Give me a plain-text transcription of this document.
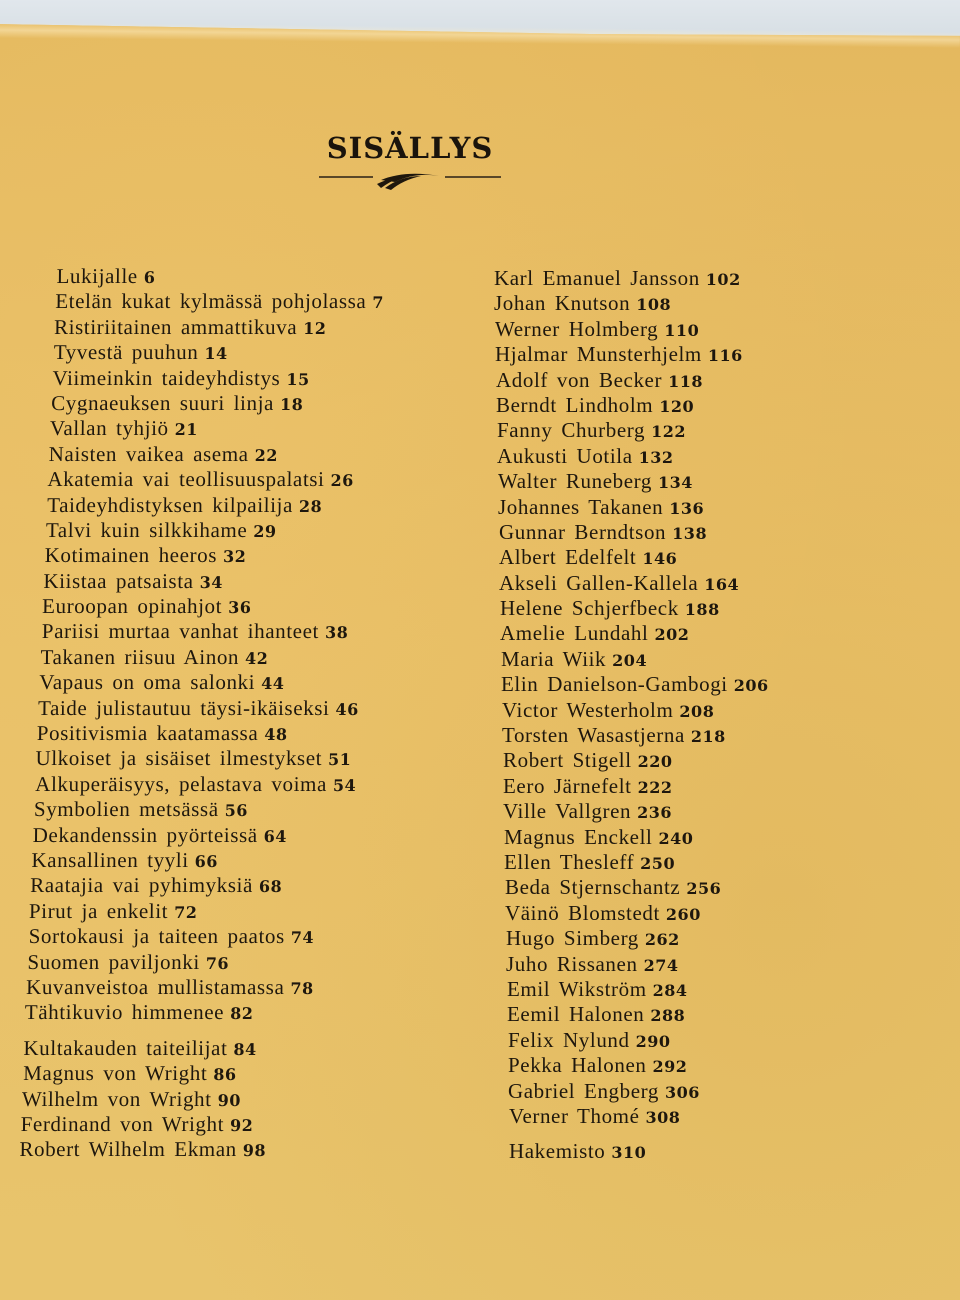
SISÄLLYS
Lukijalle 6
Etelän kukat kylmässä pohjolassa 7
Ristiriitainen ammattikuva 12
Tyvestä puuhun 14
Viimeinkin taideyhdistys 15
Cygnaeuksen suuri linja 18
Vallan tyhjiö 21
Naisten vaikea asema 22
Akatemia vai teollisuuspalatsi 26
Taideyhdistyksen kilpailija 28
Talvi kuin silkkihame 29
Kotimainen heeros 32
Kiistaa patsaista 34
Euroopan opinahjot 36
Pariisi murtaa vanhat ihanteet 38
Takanen riisuu Ainon 42
Vapaus on oma salonki 44
Taide julistautuu täysi-ikäiseksi 46
Positivismia kaatamassa 48
Ulkoiset ja sisäiset ilmestykset 51
Alkuperäisyys, pelastava voima 54
Symbolien metsässä 56
Dekandenssin pyörteissä 64
Kansallinen tyyli 66
Raatajia vai pyhimyksiä 68
Pirut ja enkelit 72
Sortokausi ja taiteen paatos 74
Suomen paviljonki 76
Kuvanveistoa mullistamassa 78
Tähtikuvio himmenee 82
Kultakauden taiteilijat 84
Magnus von Wright 86
Wilhelm von Wright 90
Ferdinand von Wright 92
Robert Wilhelm Ekman 98
Karl Emanuel Jansson 102
Johan Knutson 108
Werner Holmberg 110
Hjalmar Munsterhjelm 116
Adolf von Becker 118
Berndt Lindholm 120
Fanny Churberg 122
Aukusti Uotila 132
Walter Runeberg 134
Johannes Takanen 136
Gunnar Berndtson 138
Albert Edelfelt 146
Akseli Gallen-Kallela 164
Helene Schjerfbeck 188
Amelie Lundahl 202
Maria Wiik 204
Elin Danielson-Gambogi 206
Victor Westerholm 208
Torsten Wasastjerna 218
Robert Stigell 220
Eero Järnefelt 222
Ville Vallgren 236
Magnus Enckell 240
Ellen Thesleff 250
Beda Stjernschantz 256
Väinö Blomstedt 260
Hugo Simberg 262
Juho Rissanen 274
Emil Wikström 284
Eemil Halonen 288
Felix Nylund 290
Pekka Halonen 292
Gabriel Engberg 306
Verner Thomé 308
Hakemisto 310
